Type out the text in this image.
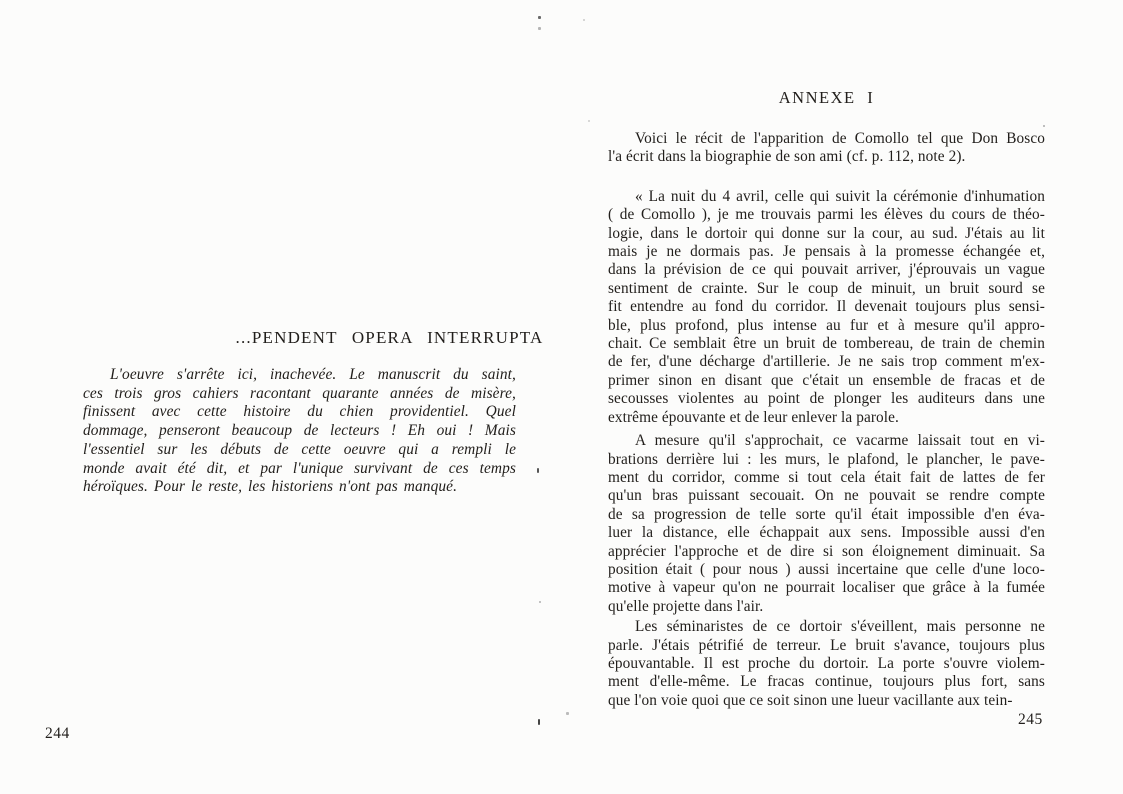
...PENDENT OPERA INTERRUPTA
L'oeuvre s'arrête ici, inachevée. Le manuscrit du saint,
ces trois gros cahiers racontant quarante années de misère,
finissent avec cette histoire du chien providentiel. Quel
dommage, penseront beaucoup de lecteurs ! Eh oui ! Mais
l'essentiel sur les débuts de cette oeuvre qui a rempli le
monde avait été dit, et par l'unique survivant de ces temps
héroïques. Pour le reste, les historiens n'ont pas manqué.
244
ANNEXE I
Voici le récit de l'apparition de Comollo tel que Don Bosco
l'a écrit dans la biographie de son ami (cf. p. 112, note 2).
« La nuit du 4 avril, celle qui suivit la cérémonie d'inhumation
( de Comollo ), je me trouvais parmi les élèves du cours de théo-
logie, dans le dortoir qui donne sur la cour, au sud. J'étais au lit
mais je ne dormais pas. Je pensais à la promesse échangée et,
dans la prévision de ce qui pouvait arriver, j'éprouvais un vague
sentiment de crainte. Sur le coup de minuit, un bruit sourd se
fit entendre au fond du corridor. Il devenait toujours plus sensi-
ble, plus profond, plus intense au fur et à mesure qu'il appro-
chait. Ce semblait être un bruit de tombereau, de train de chemin
de fer, d'une décharge d'artillerie. Je ne sais trop comment m'ex-
primer sinon en disant que c'était un ensemble de fracas et de
secousses violentes au point de plonger les auditeurs dans une
extrême épouvante et de leur enlever la parole.
A mesure qu'il s'approchait, ce vacarme laissait tout en vi-
brations derrière lui : les murs, le plafond, le plancher, le pave-
ment du corridor, comme si tout cela était fait de lattes de fer
qu'un bras puissant secouait. On ne pouvait se rendre compte
de sa progression de telle sorte qu'il était impossible d'en éva-
luer la distance, elle échappait aux sens. Impossible aussi d'en
apprécier l'approche et de dire si son éloignement diminuait. Sa
position était ( pour nous ) aussi incertaine que celle d'une loco-
motive à vapeur qu'on ne pourrait localiser que grâce à la fumée
qu'elle projette dans l'air.
Les séminaristes de ce dortoir s'éveillent, mais personne ne
parle. J'étais pétrifié de terreur. Le bruit s'avance, toujours plus
épouvantable. Il est proche du dortoir. La porte s'ouvre violem-
ment d'elle-même. Le fracas continue, toujours plus fort, sans
que l'on voie quoi que ce soit sinon une lueur vacillante aux tein-
245
